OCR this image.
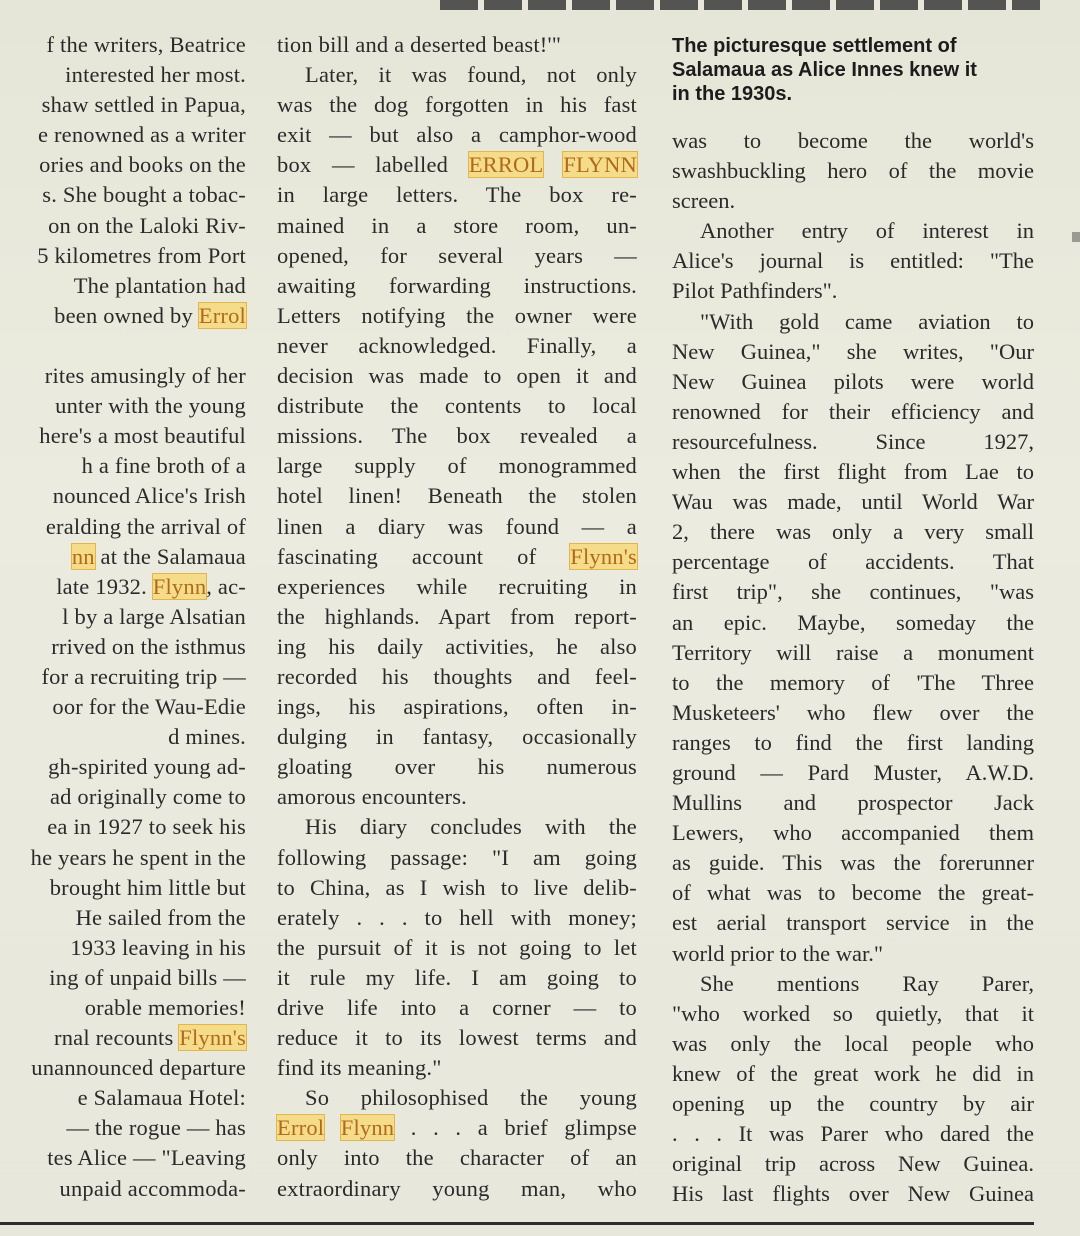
f the writers, Beatrice
interested her most.
shaw settled in Papua,
e renowned as a writer
ories and books on the
s. She bought a tobac-
on on the Laloki Riv-
5 kilometres from Port
The plantation had
been owned by Errol
rites amusingly of her
unter with the young
here's a most beautiful
h a fine broth of a
nounced Alice's Irish
eralding the arrival of
nn at the Salamaua
late 1932. Flynn, ac-
l by a large Alsatian
rrived on the isthmus
for a recruiting trip —
oor for the Wau-Edie
d mines.
gh-spirited young ad-
ad originally come to
ea in 1927 to seek his
he years he spent in the
brought him little but
He sailed from the
1933 leaving in his
ing of unpaid bills —
orable memories!
rnal recounts Flynn's
unannounced departure
e Salamaua Hotel:
— the rogue — has
tes Alice — "Leaving
unpaid accommoda-
tion bill and a deserted beast!'"
Later, it was found, not only
was the dog forgotten in his fast
exit — but also a camphor-wood
box — labelled ERROL FLYNN
in large letters. The box re-
mained in a store room, un-
opened, for several years —
awaiting forwarding instructions.
Letters notifying the owner were
never acknowledged. Finally, a
decision was made to open it and
distribute the contents to local
missions. The box revealed a
large supply of monogrammed
hotel linen! Beneath the stolen
linen a diary was found — a
fascinating account of Flynn's
experiences while recruiting in
the highlands. Apart from report-
ing his daily activities, he also
recorded his thoughts and feel-
ings, his aspirations, often in-
dulging in fantasy, occasionally
gloating over his numerous
amorous encounters.
His diary concludes with the
following passage: "I am going
to China, as I wish to live delib-
erately . . . to hell with money;
the pursuit of it is not going to let
it rule my life. I am going to
drive life into a corner — to
reduce it to its lowest terms and
find its meaning."
So philosophised the young
Errol Flynn . . . a brief glimpse
only into the character of an
extraordinary young man, who
The picturesque settlement of
Salamaua as Alice Innes knew it
in the 1930s.
was to become the world's
swashbuckling hero of the movie
screen.
Another entry of interest in
Alice's journal is entitled: "The
Pilot Pathfinders".
"With gold came aviation to
New Guinea," she writes, "Our
New Guinea pilots were world
renowned for their efficiency and
resourcefulness. Since 1927,
when the first flight from Lae to
Wau was made, until World War
2, there was only a very small
percentage of accidents. That
first trip", she continues, "was
an epic. Maybe, someday the
Territory will raise a monument
to the memory of 'The Three
Musketeers' who flew over the
ranges to find the first landing
ground — Pard Muster, A.W.D.
Mullins and prospector Jack
Lewers, who accompanied them
as guide. This was the forerunner
of what was to become the great-
est aerial transport service in the
world prior to the war."
She mentions Ray Parer,
"who worked so quietly, that it
was only the local people who
knew of the great work he did in
opening up the country by air
. . . It was Parer who dared the
original trip across New Guinea.
His last flights over New Guinea
